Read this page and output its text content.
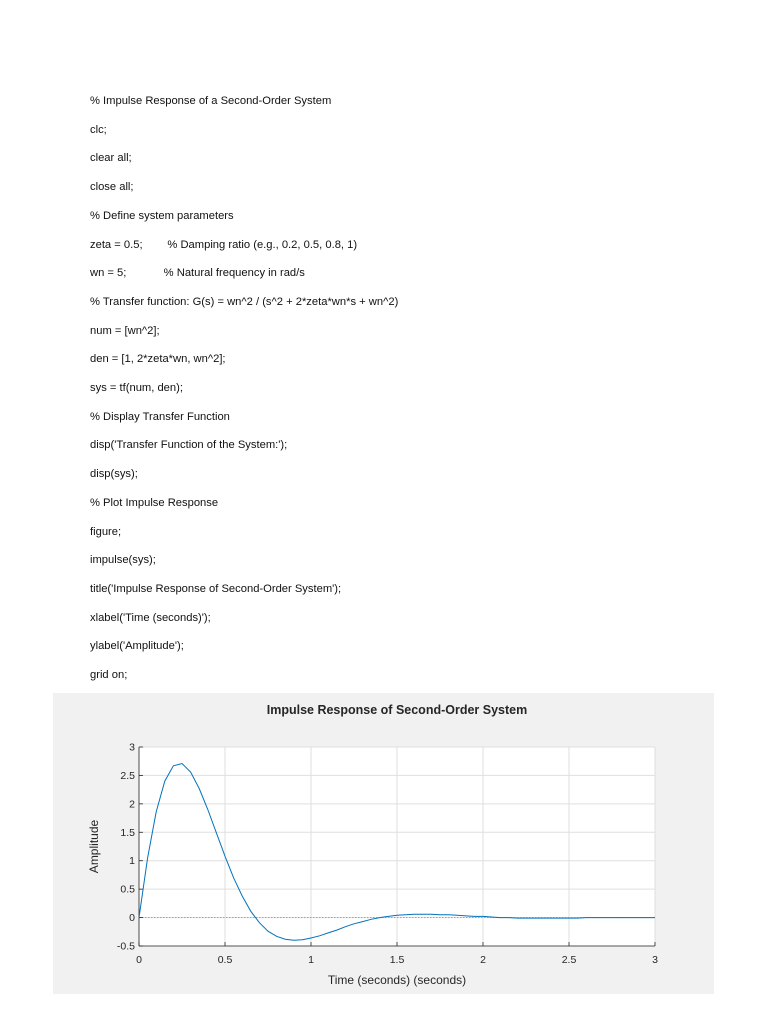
% Impulse Response of a Second-Order System
clc;
clear all;
close all;
% Define system parameters
zeta = 0.5;        % Damping ratio (e.g., 0.2, 0.5, 0.8, 1)
wn = 5;            % Natural frequency in rad/s
% Transfer function: G(s) = wn^2 / (s^2 + 2*zeta*wn*s + wn^2)
num = [wn^2];
den = [1, 2*zeta*wn, wn^2];
sys = tf(num, den);
% Display Transfer Function
disp('Transfer Function of the System:');
disp(sys);
% Plot Impulse Response
figure;
impulse(sys);
title('Impulse Response of Second-Order System');
xlabel('Time (seconds)');
ylabel('Amplitude');
grid on;
0	0.5	1	1.5	2	2.5	3
-0.5
0
0.5
1
1.5
2
2.5
3
Impulse Response of Second-Order System
Time (seconds) (seconds)
Amplitude
